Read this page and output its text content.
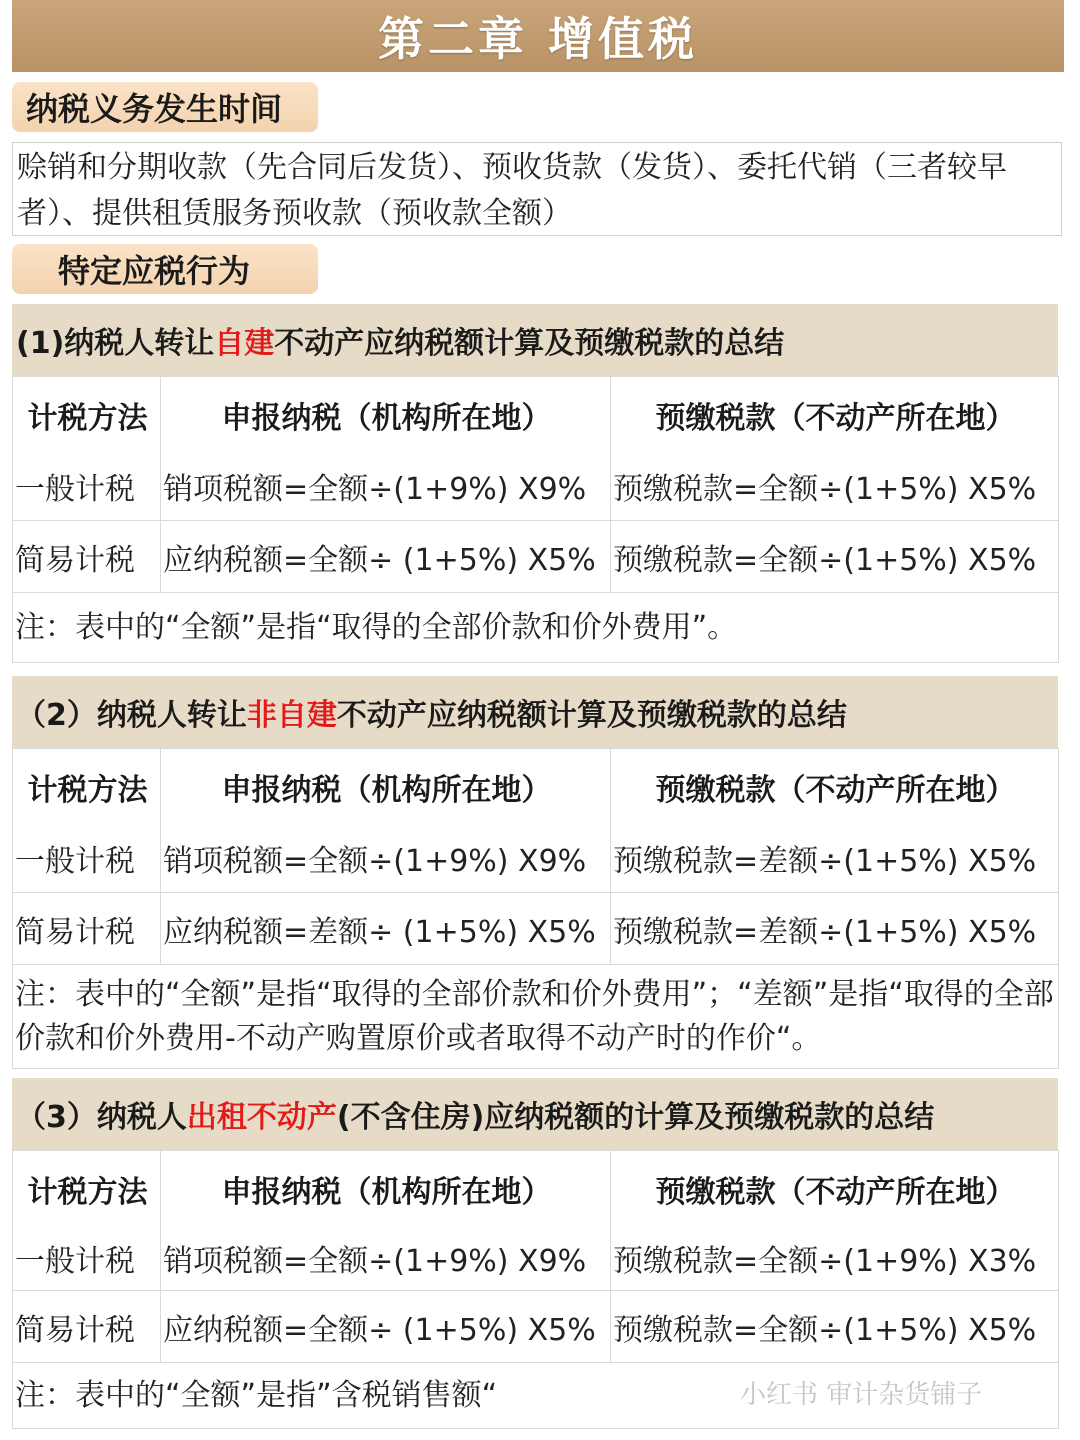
第二章 增值税
纳税义务发生时间
赊销和分期收款（先合同后发货）、预收货款（发货）、委托代销（三者较早者）、提供租赁服务预收款（预收款全额）
特定应税行为
(1)纳税人转让 自建 不动产应纳税额计算及预缴税款的总结
计税方法	申报纳税（机构所在地）	预缴税款（不动产所在地）
一般计税	销项税额=全额÷(1+9%) X9%	预缴税款=全额÷(1+5%) X5%
简易计税	应纳税额=全额÷ (1+5%) X5%	预缴税款=全额÷(1+5%) X5%
注：表中的“全额”是指“取得的全部价款和价外费用”。		
（2）纳税人转让 非自建 不动产应纳税额计算及预缴税款的总结
计税方法	申报纳税（机构所在地）	预缴税款（不动产所在地）
一般计税	销项税额=全额÷(1+9%) X9%	预缴税款=差额÷(1+5%) X5%
简易计税	应纳税额=差额÷ (1+5%) X5%	预缴税款=差额÷(1+5%) X5%
注：表中的“全额”是指“取得的全部价款和价外费用”；“差额”是指“取得的全部价款和价外费用-不动产购置原价或者取得不动产时的作价“。		
（3）纳税人 出租不动产 (不含住房)应纳税额的计算及预缴税款的总结
计税方法	申报纳税（机构所在地）	预缴税款（不动产所在地）
一般计税	销项税额=全额÷(1+9%) X9%	预缴税款=全额÷(1+9%) X3%
简易计税	应纳税额=全额÷ (1+5%) X5%	预缴税款=全额÷(1+5%) X5%
注：表中的“全额”是指”含税销售额“			小红书 审计杂货铺子
